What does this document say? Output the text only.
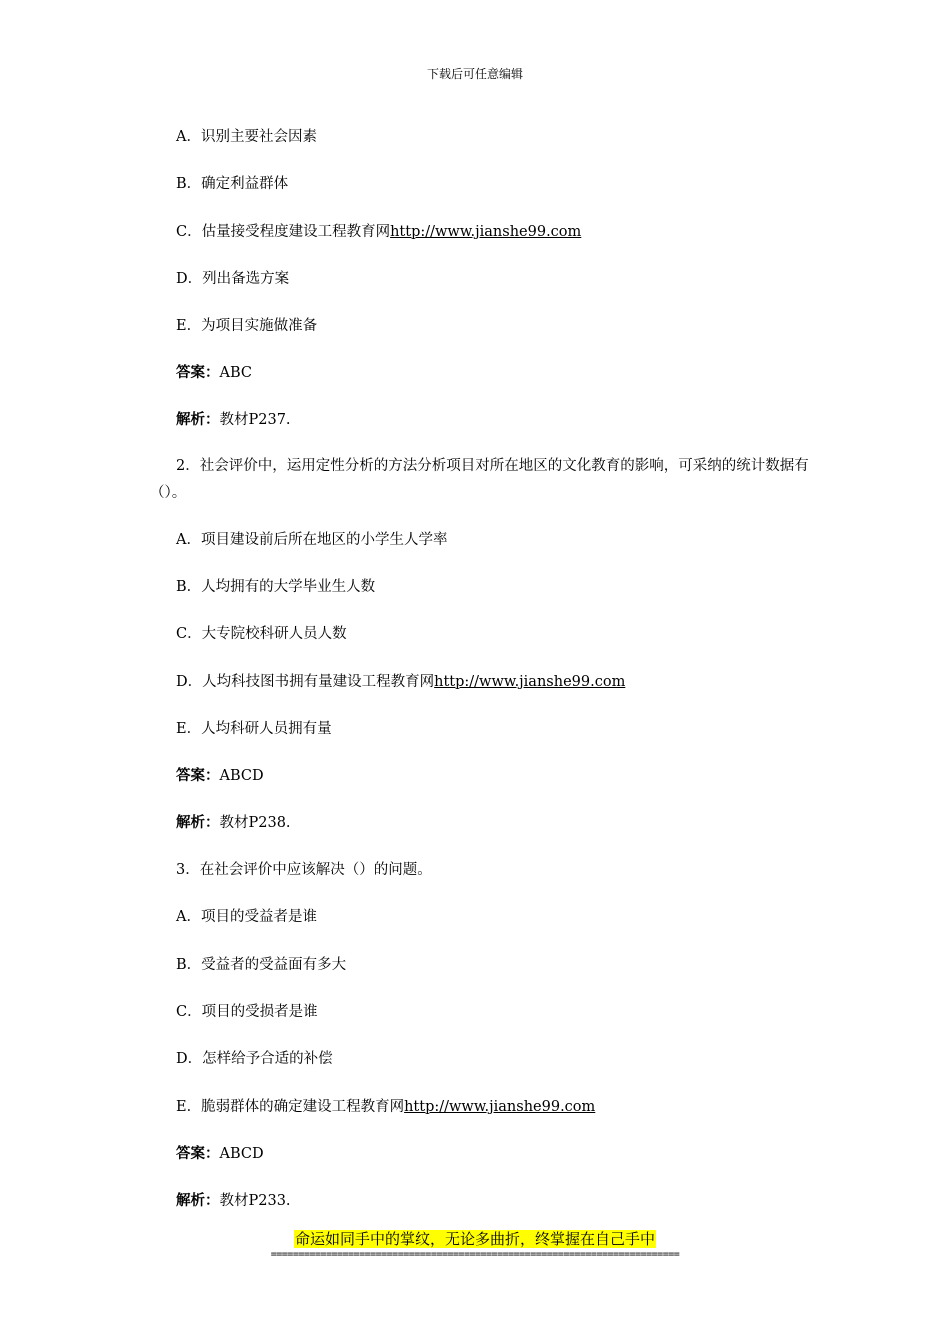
下载后可任意编辑
A．识别主要社会因素
B．确定利益群体
C．估量接受程度建设工程教育网http://www.jianshe99.com
D．列出备选方案
E．为项目实施做准备
答案：ABC
解析：教材P237.
2．社会评价中，运用定性分析的方法分析项目对所在地区的文化教育的影响，可采纳的统计数据有（）。
A．项目建设前后所在地区的小学生人学率
B．人均拥有的大学毕业生人数
C．大专院校科研人员人数
D．人均科技图书拥有量建设工程教育网http://www.jianshe99.com
E．人均科研人员拥有量
答案：ABCD
解析：教材P238.
3．在社会评价中应该解决（）的问题。
A．项目的受益者是谁
B．受益者的受益面有多大
C．项目的受损者是谁
D．怎样给予合适的补偿
E．脆弱群体的确定建设工程教育网http://www.jianshe99.com
答案：ABCD
解析：教材P233.
命运如同手中的掌纹，无论多曲折，终掌握在自己手中
==========================================================================
